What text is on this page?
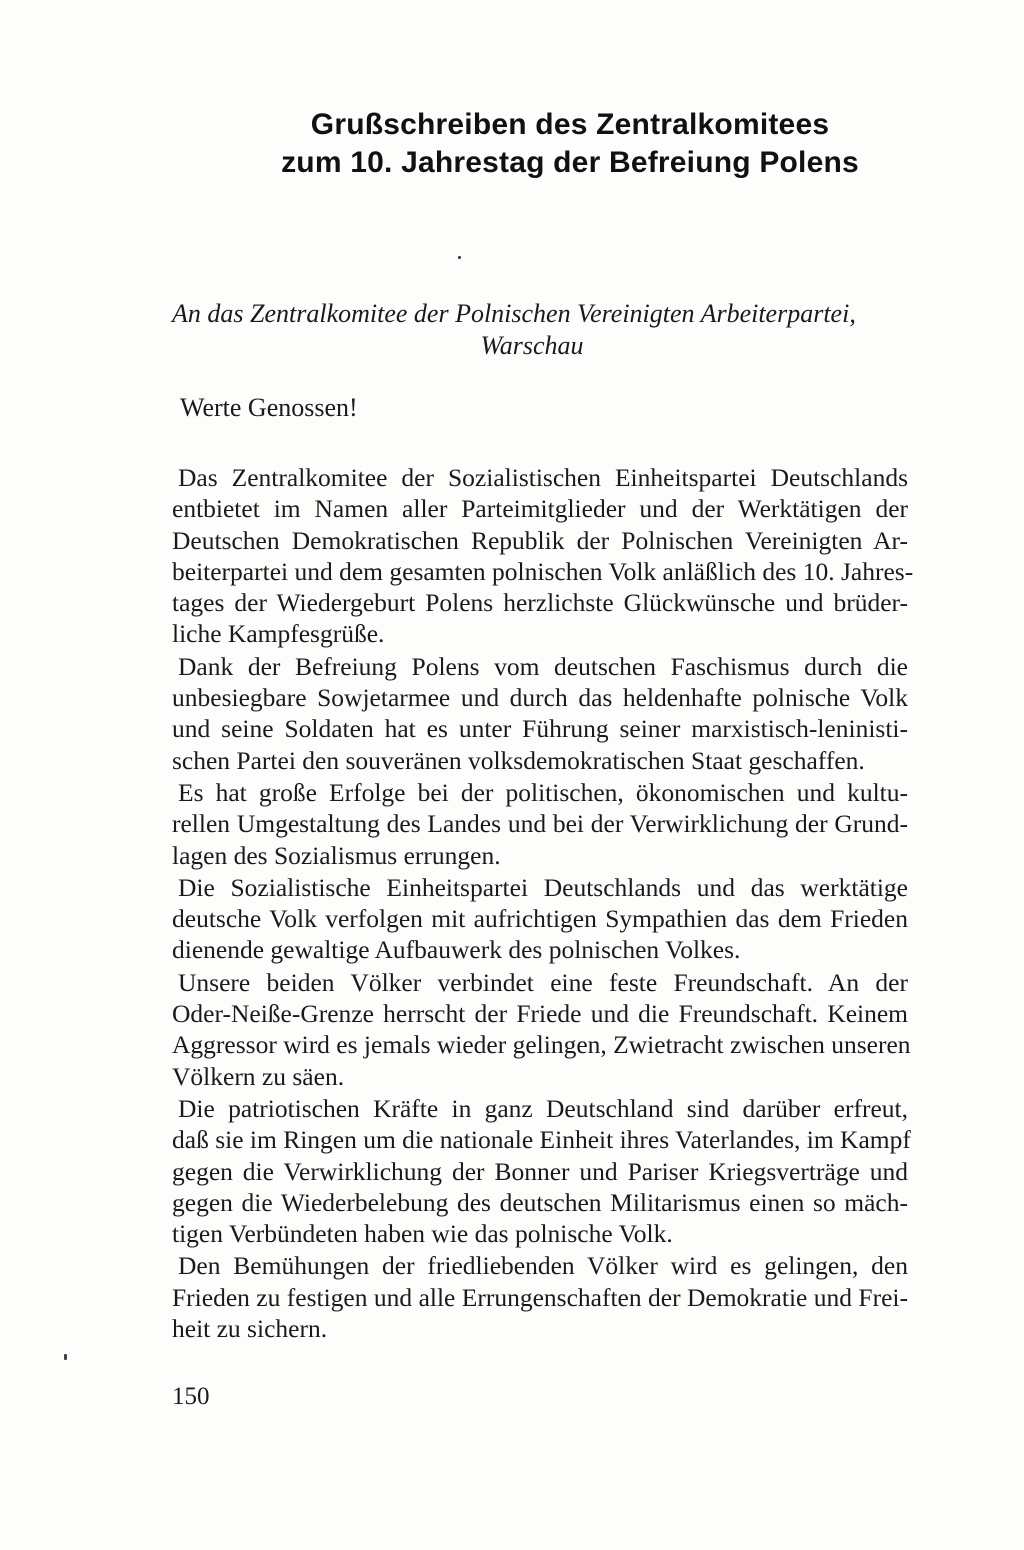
Grußschreiben des Zentralkomitees
zum 10. Jahrestag der Befreiung Polens
An das Zentralkomitee der Polnischen Vereinigten Arbeiterpartei,
Warschau
Werte Genossen!

Das Zentralkomitee der Sozialistischen Einheitspartei Deutschlands
entbietet im Namen aller Parteimitglieder und der Werktätigen der
Deutschen Demokratischen Republik der Polnischen Vereinigten Ar-
beiterpartei und dem gesamten polnischen Volk anläßlich des 10. Jahres-
tages der Wiedergeburt Polens herzlichste Glückwünsche und brüder-
liche Kampfesgrüße.

Dank der Befreiung Polens vom deutschen Faschismus durch die
unbesiegbare Sowjetarmee und durch das heldenhafte polnische Volk
und seine Soldaten hat es unter Führung seiner marxistisch-leninisti-
schen Partei den souveränen volksdemokratischen Staat geschaffen.

Es hat große Erfolge bei der politischen, ökonomischen und kultu-
rellen Umgestaltung des Landes und bei der Verwirklichung der Grund-
lagen des Sozialismus errungen.

Die Sozialistische Einheitspartei Deutschlands und das werktätige
deutsche Volk verfolgen mit aufrichtigen Sympathien das dem Frieden
dienende gewaltige Aufbauwerk des polnischen Volkes.

Unsere beiden Völker verbindet eine feste Freundschaft. An der
Oder-Neiße-Grenze herrscht der Friede und die Freundschaft. Keinem
Aggressor wird es jemals wieder gelingen, Zwietracht zwischen unseren
Völkern zu säen.

Die patriotischen Kräfte in ganz Deutschland sind darüber erfreut,
daß sie im Ringen um die nationale Einheit ihres Vaterlandes, im Kampf
gegen die Verwirklichung der Bonner und Pariser Kriegsverträge und
gegen die Wiederbelebung des deutschen Militarismus einen so mäch-
tigen Verbündeten haben wie das polnische Volk.

Den Bemühungen der friedliebenden Völker wird es gelingen, den
Frieden zu festigen und alle Errungenschaften der Demokratie und Frei-
heit zu sichern.

150
